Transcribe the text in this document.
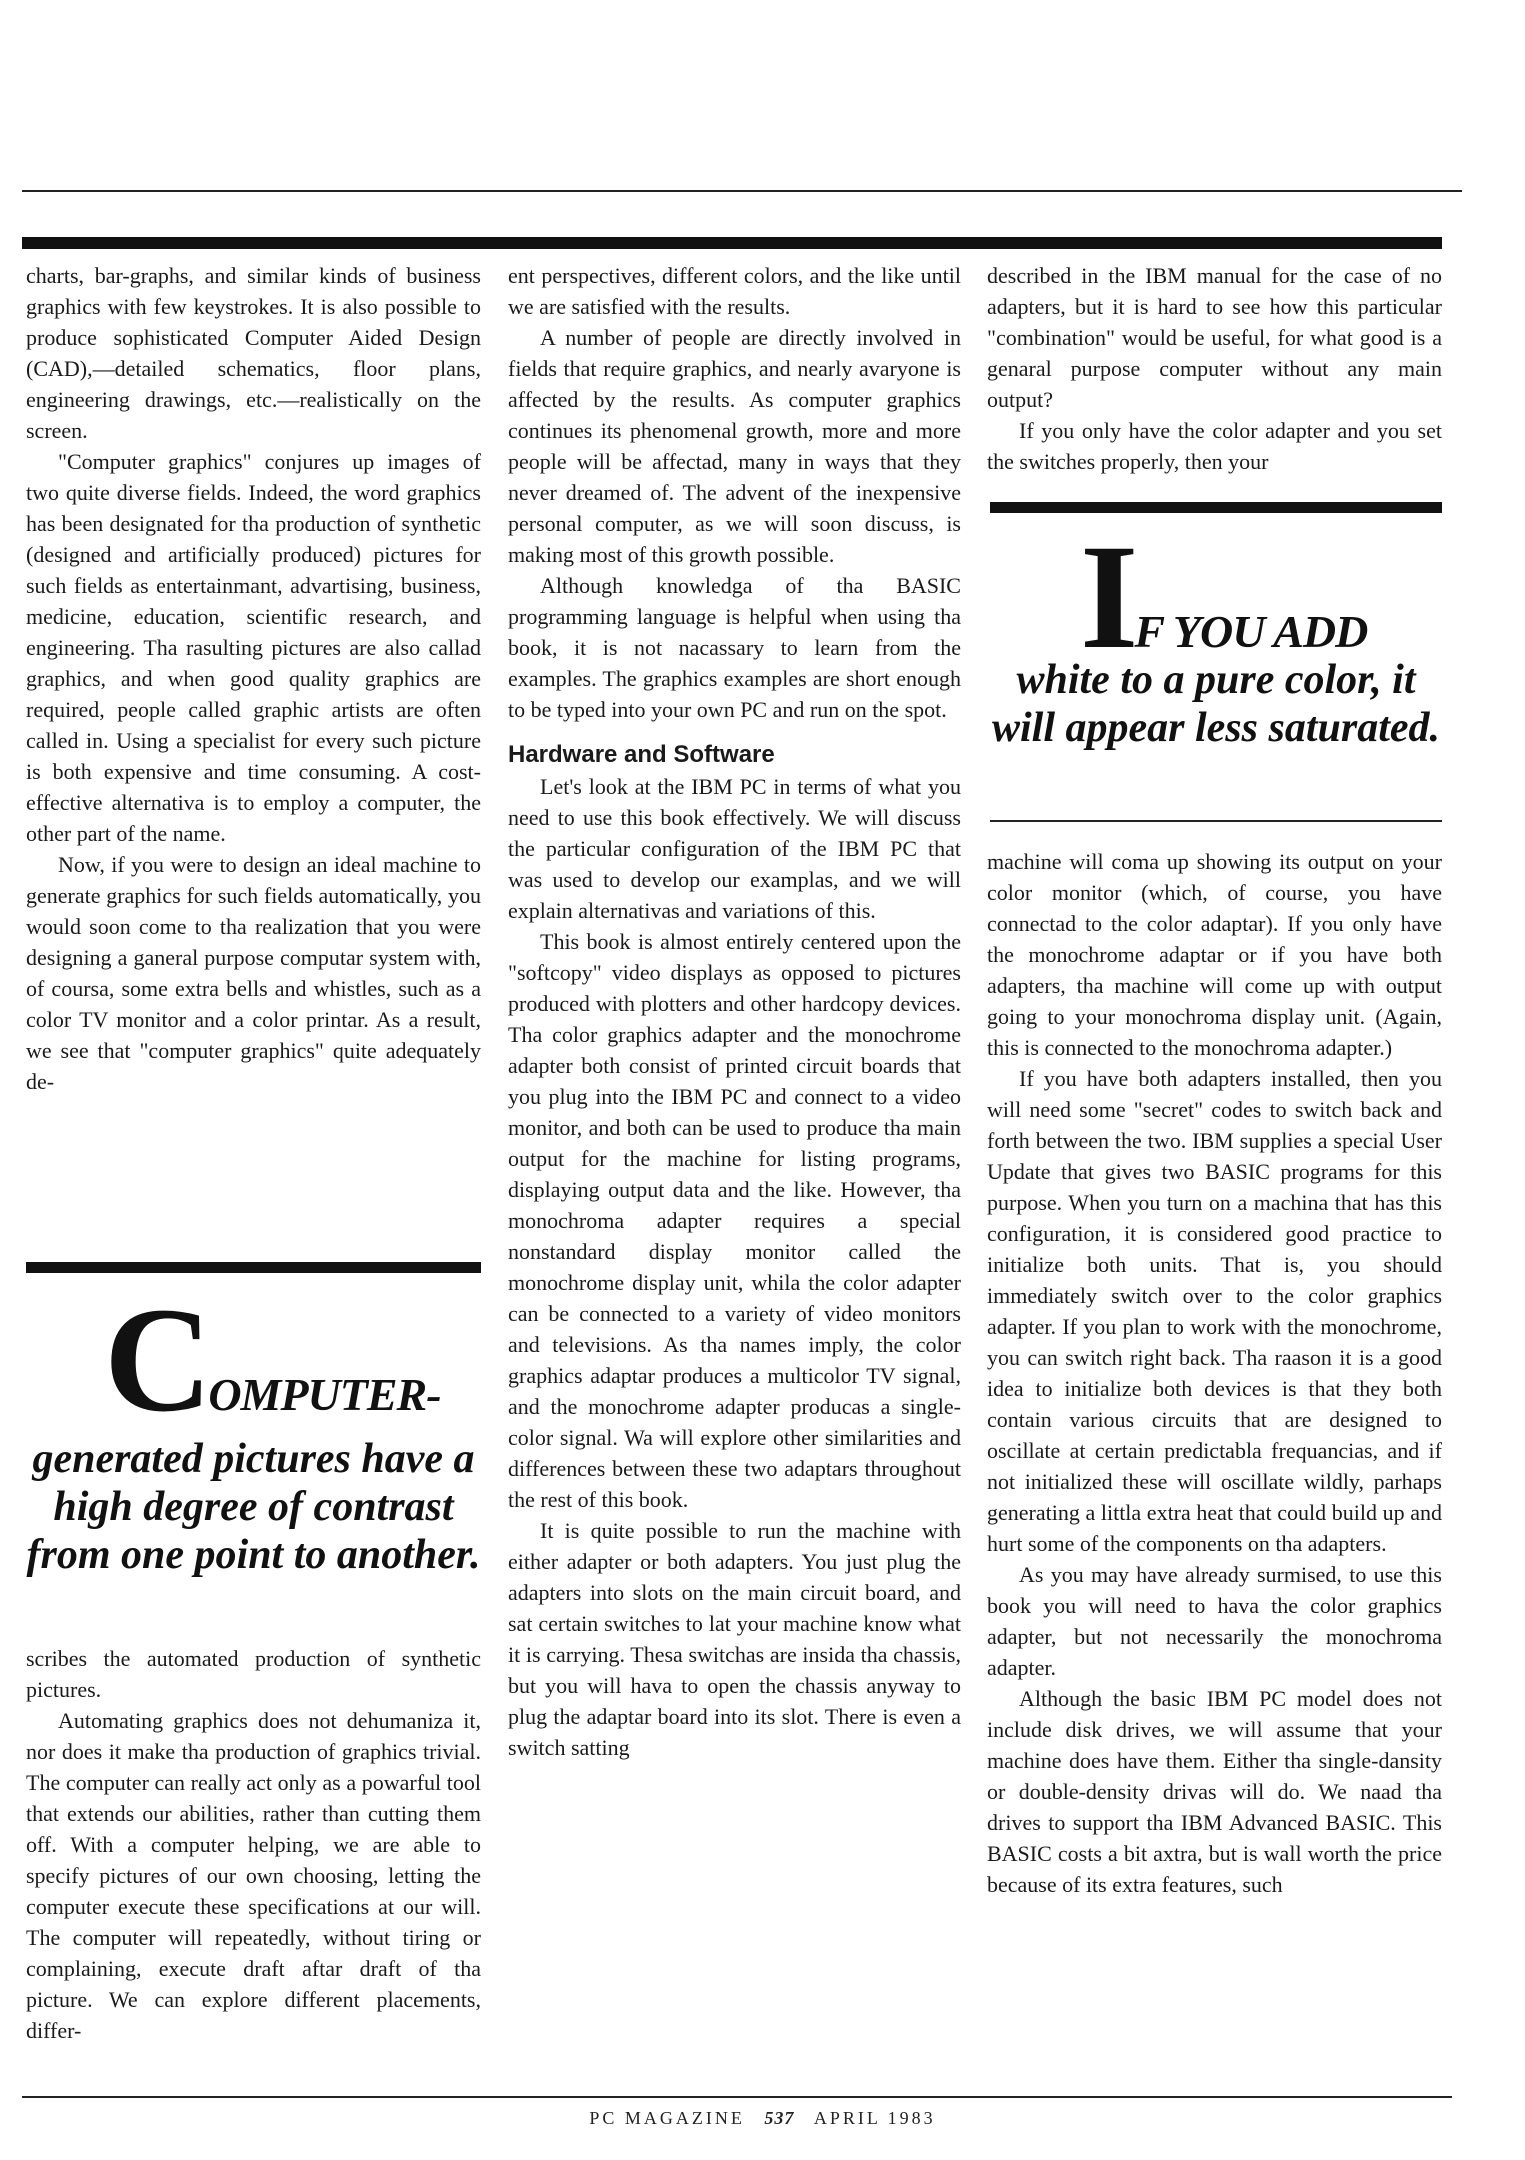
charts, bar-graphs, and similar kinds of business graphics with few keystrokes. It is also possible to produce sophisticated Computer Aided Design (CAD),—detailed schematics, floor plans, engineering drawings, etc.—realistically on the screen.

"Computer graphics" conjures up images of two quite diverse fields. Indeed, the word graphics has been designated for tha production of synthetic (designed and artificially produced) pictures for such fields as entertainmant, advartising, business, medicine, education, scientific research, and engineering. Tha rasulting pictures are also callad graphics, and when good quality graphics are required, people called graphic artists are often called in. Using a specialist for every such picture is both expensive and time consuming. A cost-effective alternativa is to employ a computer, the other part of the name.

Now, if you were to design an ideal machine to generate graphics for such fields automatically, you would soon come to tha realization that you were designing a ganeral purpose computar system with, of coursa, some extra bells and whistles, such as a color TV monitor and a color printar. As a result, we see that "computer graphics" quite adequately de-

COMPUTER-
generated pictures have a high degree of contrast from one point to another.

scribes the automated production of synthetic pictures.

Automating graphics does not dehumaniza it, nor does it make tha production of graphics trivial. The computer can really act only as a powarful tool that extends our abilities, rather than cutting them off. With a computer helping, we are able to specify pictures of our own choosing, letting the computer execute these specifications at our will. The computer will repeatedly, without tiring or complaining, execute draft aftar draft of tha picture. We can explore different placements, differ-

ent perspectives, different colors, and the like until we are satisfied with the results.

A number of people are directly involved in fields that require graphics, and nearly avaryone is affected by the results. As computer graphics continues its phenomenal growth, more and more people will be affectad, many in ways that they never dreamed of. The advent of the inexpensive personal computer, as we will soon discuss, is making most of this growth possible.

Although knowledga of tha BASIC programming language is helpful when using tha book, it is not nacassary to learn from the examples. The graphics examples are short enough to be typed into your own PC and run on the spot.

Hardware and Software

Let's look at the IBM PC in terms of what you need to use this book effectively. We will discuss the particular configuration of the IBM PC that was used to develop our examplas, and we will explain alternativas and variations of this.

This book is almost entirely centered upon the "softcopy" video displays as opposed to pictures produced with plotters and other hardcopy devices. Tha color graphics adapter and the monochrome adapter both consist of printed circuit boards that you plug into the IBM PC and connect to a video monitor, and both can be used to produce tha main output for the machine for listing programs, displaying output data and the like. However, tha monochroma adapter requires a special nonstandard display monitor called the monochrome display unit, whila the color adapter can be connected to a variety of video monitors and televisions. As tha names imply, the color graphics adaptar produces a multicolor TV signal, and the monochrome adapter producas a single-color signal. Wa will explore other similarities and differences between these two adaptars throughout the rest of this book.

It is quite possible to run the machine with either adapter or both adapters. You just plug the adapters into slots on the main circuit board, and sat certain switches to lat your machine know what it is carrying. Thesa switchas are insida tha chassis, but you will hava to open the chassis anyway to plug the adaptar board into its slot. There is even a switch satting

described in the IBM manual for the case of no adapters, but it is hard to see how this particular "combination" would be useful, for what good is a genaral purpose computer without any main output?

If you only have the color adapter and you set the switches properly, then your

IF YOU ADD
white to a pure color, it will appear less saturated.

machine will coma up showing its output on your color monitor (which, of course, you have connectad to the color adaptar). If you only have the monochrome adaptar or if you have both adapters, tha machine will come up with output going to your monochroma display unit. (Again, this is connected to the monochroma adapter.)

If you have both adapters installed, then you will need some "secret" codes to switch back and forth between the two. IBM supplies a special User Update that gives two BASIC programs for this purpose. When you turn on a machina that has this configuration, it is considered good practice to initialize both units. That is, you should immediately switch over to the color graphics adapter. If you plan to work with the monochrome, you can switch right back. Tha raason it is a good idea to initialize both devices is that they both contain various circuits that are designed to oscillate at certain predictabla frequancias, and if not initialized these will oscillate wildly, parhaps generating a littla extra heat that could build up and hurt some of the components on tha adapters.

As you may have already surmised, to use this book you will need to hava the color graphics adapter, but not necessarily the monochroma adapter.

Although the basic IBM PC model does not include disk drives, we will assume that your machine does have them. Either tha single-dansity or double-density drivas will do. We naad tha drives to support tha IBM Advanced BASIC. This BASIC costs a bit axtra, but is wall worth the price because of its extra features, such

PC MAGAZINE 537 APRIL 1983
